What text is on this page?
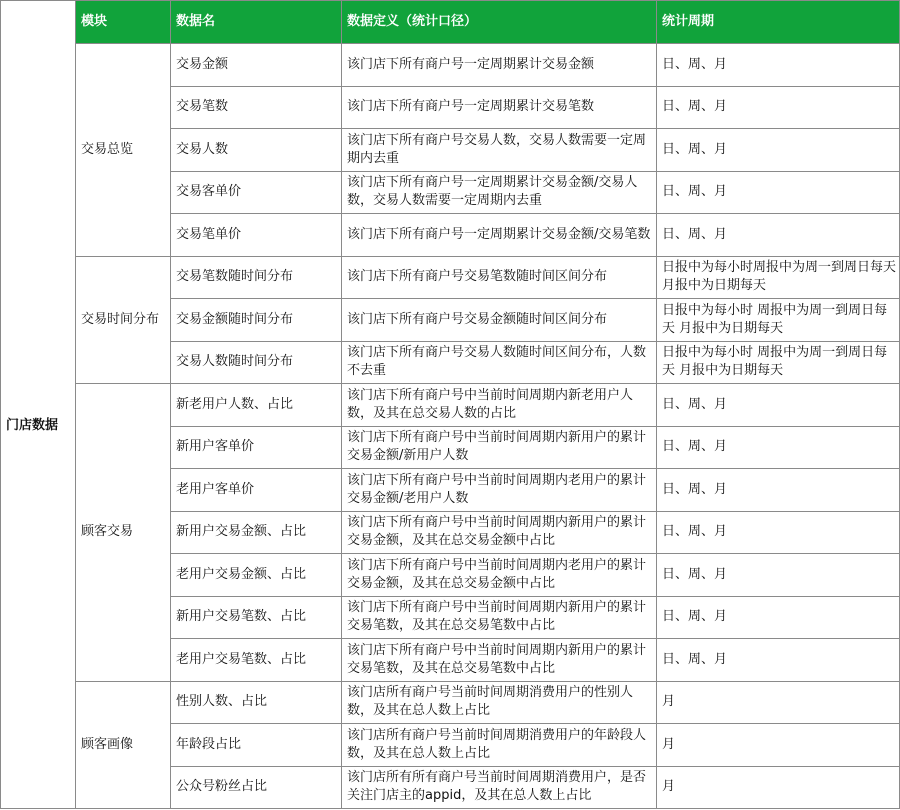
	模块	数据名	数据定义（统计口径）	统计周期
门店数据	交易总览	交易金额	该门店下所有商户号一定周期累计交易金额	日、周、月
		交易笔数	该门店下所有商户号一定周期累计交易笔数	日、周、月
		交易人数	该门店下所有商户号交易人数，交易人数需要一定周期内去重	日、周、月
		交易客单价	该门店下所有商户号一定周期累计交易金额/交易人数，交易人数需要一定周期内去重	日、周、月
		交易笔单价	该门店下所有商户号一定周期累计交易金额/交易笔数	日、周、月
	交易时间分布	交易笔数随时间分布	该门店下所有商户号交易笔数随时间区间分布	日报中为每小时周报中为周一到周日每天月报中为日期每天
		交易金额随时间分布	该门店下所有商户号交易金额随时间区间分布	日报中为每小时 周报中为周一到周日每天 月报中为日期每天
		交易人数随时间分布	该门店下所有商户号交易人数随时间区间分布，人数不去重	日报中为每小时 周报中为周一到周日每天 月报中为日期每天
	顾客交易	新老用户人数、占比	该门店下所有商户号中当前时间周期内新老用户人数，及其在总交易人数的占比	日、周、月
		新用户客单价	该门店下所有商户号中当前时间周期内新用户的累计交易金额/新用户人数	日、周、月
		老用户客单价	该门店下所有商户号中当前时间周期内老用户的累计交易金额/老用户人数	日、周、月
		新用户交易金额、占比	该门店下所有商户号中当前时间周期内新用户的累计交易金额，及其在总交易金额中占比	日、周、月
		老用户交易金额、占比	该门店下所有商户号中当前时间周期内老用户的累计交易金额，及其在总交易金额中占比	日、周、月
		新用户交易笔数、占比	该门店下所有商户号中当前时间周期内新用户的累计交易笔数，及其在总交易笔数中占比	日、周、月
		老用户交易笔数、占比	该门店下所有商户号中当前时间周期内新用户的累计交易笔数，及其在总交易笔数中占比	日、周、月
	顾客画像	性别人数、占比	该门店所有商户号当前时间周期消费用户的性别人数，及其在总人数上占比	月
		年龄段占比	该门店所有商户号当前时间周期消费用户的年龄段人数，及其在总人数上占比	月
		公众号粉丝占比	该门店所有所有商户号当前时间周期消费用户，是否关注门店主的appid，及其在总人数上占比	月
